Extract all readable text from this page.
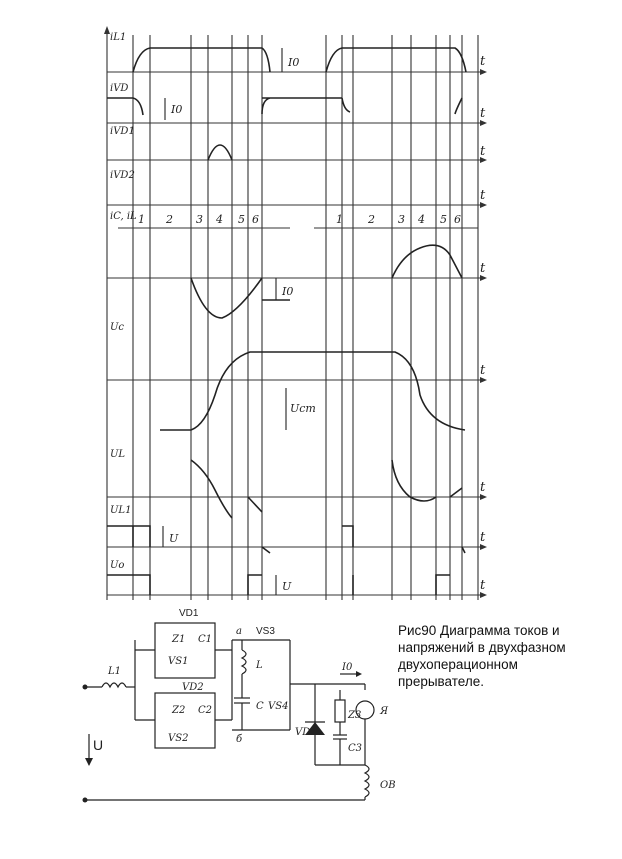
iL1
iVD
iVD1
iVD2
iC, iL
Uc
UL
UL1
Uo
t
t
t
t
t
t
t
t
t
1 2 3 4 5 6	1 2 3 4 5 6
I0
I0
I0
Ucm
U
U
VD1
L1
Z1 C1
VS1
VD2
Z2 C2
VS2
a VS3
L
C VS4
б
VD
I0
Z3
C3
Я
ОВ
U
Рис90 Диаграмма токов и напряжений в двухфазном двухоперационном прерывателе.
